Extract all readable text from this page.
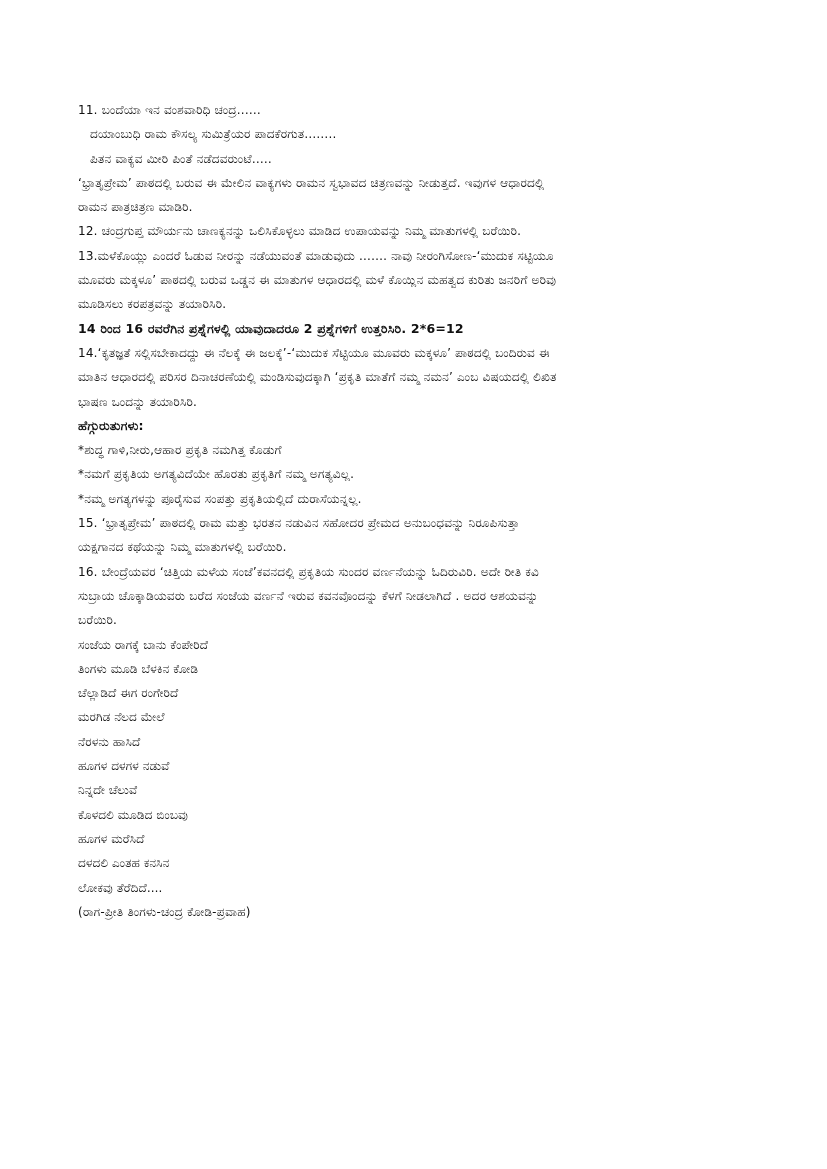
11. ಬಂದೆಯಾ ಇನ ವಂಶವಾರಿಧಿ ಚಂದ್ರ......
ದಯಾಂಬುಧಿ ರಾಮ ಕೌಸಲ್ಯ ಸುಮಿತ್ರೆಯರ ಪಾದಕೆರಗುತ........
ಪಿತನ ವಾಕ್ಯವ ಮೀರಿ ಪಿಂತೆ ನಡೆದವರುಂಟೆ.....
‘ಭ್ರಾತೃಪ್ರೇಮ’ ಪಾಠದಲ್ಲಿ ಬರುವ ಈ ಮೇಲಿನ ವಾಕ್ಯಗಳು ರಾಮನ ಸ್ವಭಾವದ ಚಿತ್ರಣವನ್ನು ನೀಡುತ್ತದೆ. ಇವುಗಳ ಆಧಾರದಲ್ಲಿ
ರಾಮನ ಪಾತ್ರಚಿತ್ರಣ ಮಾಡಿರಿ.
12. ಚಂದ್ರಗುಪ್ತ ಮೌರ್ಯನು ಚಾಣಕ್ಯನನ್ನು ಒಲಿಸಿಕೊಳ್ಳಲು ಮಾಡಿದ ಉಪಾಯವನ್ನು ನಿಮ್ಮ ಮಾತುಗಳಲ್ಲಿ ಬರೆಯಿರಿ.
13.ಮಳೆಕೊಯ್ಲು ಎಂದರೆ ಓಡುವ ನೀರನ್ನು ನಡೆಯುವಂತೆ ಮಾಡುವುದು ....... ನಾವು ನೀರಂಗಿಸೋಣ-‘ಮುದುಕ ಸಟ್ಟಿಯೂ
ಮೂವರು ಮಕ್ಕಳೂ’ ಪಾಠದಲ್ಲಿ ಬರುವ ಒಡ್ಡನ ಈ ಮಾತುಗಳ ಆಧಾರದಲ್ಲಿ ಮಳೆ ಕೊಯ್ಲಿನ ಮಹತ್ವದ ಕುರಿತು ಜನರಿಗೆ ಅರಿವು
ಮೂಡಿಸಲು ಕರಪತ್ರವನ್ನು ತಯಾರಿಸಿರಿ.
14 ರಿಂದ 16 ರವರೆಗಿನ ಪ್ರಶ್ನೆಗಳಲ್ಲಿ ಯಾವುದಾದರೂ 2 ಪ್ರಶ್ನೆಗಳಿಗೆ ಉತ್ತರಿಸಿರಿ. 2*6=12
14.‘ಕೃತಜ್ಞತೆ ಸಲ್ಲಿಸಬೇಕಾದದ್ದು ಈ ನೆಲಕ್ಕೆ ಈ ಜಲಕ್ಕೆ’-‘ಮುದುಕ ಸೆಟ್ಟಿಯೂ ಮೂವರು ಮಕ್ಕಳೂ’ ಪಾಠದಲ್ಲಿ ಬಂದಿರುವ ಈ
ಮಾತಿನ ಆಧಾರದಲ್ಲಿ ಪರಿಸರ ದಿನಾಚರಣೆಯಲ್ಲಿ ಮಂಡಿಸುವುದಕ್ಕಾಗಿ ‘ಪ್ರಕೃತಿ ಮಾತೆಗೆ ನಮ್ಮ ನಮನ’ ಎಂಬ ವಿಷಯದಲ್ಲಿ ಲಿಖಿತ
ಭಾಷಣ ಒಂದನ್ನು ತಯಾರಿಸಿರಿ.
ಹೆಗ್ಗುರುತುಗಳು:
*ಶುದ್ಧ ಗಾಳಿ,ನೀರು,ಆಹಾರ ಪ್ರಕೃತಿ ನಮಗಿತ್ತ ಕೊಡುಗೆ
*ನಮಗೆ ಪ್ರಕೃತಿಯ ಅಗತ್ಯವಿದೆಯೇ ಹೊರತು ಪ್ರಕೃತಿಗೆ ನಮ್ಮ ಅಗತ್ಯವಿಲ್ಲ.
*ನಮ್ಮ ಅಗತ್ಯಗಳನ್ನು ಪೂರೈಸುವ ಸಂಪತ್ತು ಪ್ರಕೃತಿಯಲ್ಲಿದೆ ದುರಾಸೆಯನ್ನಲ್ಲ.
15. ‘ಭ್ರಾತೃಪ್ರೇಮ’ ಪಾಠದಲ್ಲಿ ರಾಮ ಮತ್ತು ಭರತನ ನಡುವಿನ ಸಹೋದರ ಪ್ರೇಮದ ಅನುಬಂಧವನ್ನು ನಿರೂಪಿಸುತ್ತಾ
ಯಕ್ಷಗಾನದ ಕಥೆಯನ್ನು ನಿಮ್ಮ ಮಾತುಗಳಲ್ಲಿ ಬರೆಯಿರಿ.
16. ಬೇಂದ್ರೆಯವರ ‘ಚಿತ್ತಿಯ ಮಳೆಯ ಸಂಜೆ’ಕವನದಲ್ಲಿ ಪ್ರಕೃತಿಯ ಸುಂದರ ವರ್ಣನೆಯನ್ನು ಓದಿರುವಿರಿ. ಅದೇ ರೀತಿ ಕವಿ
ಸುಬ್ರಾಯ ಚೊಕ್ಕಾಡಿಯವರು ಬರೆದ ಸಂಜೆಯ ವರ್ಣನೆ ಇರುವ ಕವನವೊಂದನ್ನು ಕೆಳಗೆ ನೀಡಲಾಗಿದೆ . ಅದರ ಆಶಯವನ್ನು
ಬರೆಯಿರಿ.
ಸಂಜೆಯ ರಾಗಕ್ಕೆ ಬಾನು ಕೆಂಪೇರಿದೆ
ತಿಂಗಳು ಮೂಡಿ ಬೆಳಕಿನ ಕೋಡಿ
ಚೆಲ್ಲಾಡಿದೆ ಈಗ ರಂಗೇರಿದೆ
ಮರಗಿಡ ನೆಲದ ಮೇಲೆ
ನೆರಳನು ಹಾಸಿದೆ
ಹೂಗಳ ದಳಗಳ ನಡುವೆ
ನಿನ್ನದೇ ಚೆಲುವೆ
ಕೊಳದಲಿ ಮೂಡಿದ ಬಿಂಬವು
ಹೂಗಳ ಮರೆಸಿದೆ
ದಳದಲಿ ಎಂತಹ ಕನಸಿನ
ಲೋಕವು ತೆರೆದಿದೆ....
(ರಾಗ-ಪ್ರೀತಿ ತಿಂಗಳು-ಚಂದ್ರ ಕೋಡಿ-ಪ್ರವಾಹ)
